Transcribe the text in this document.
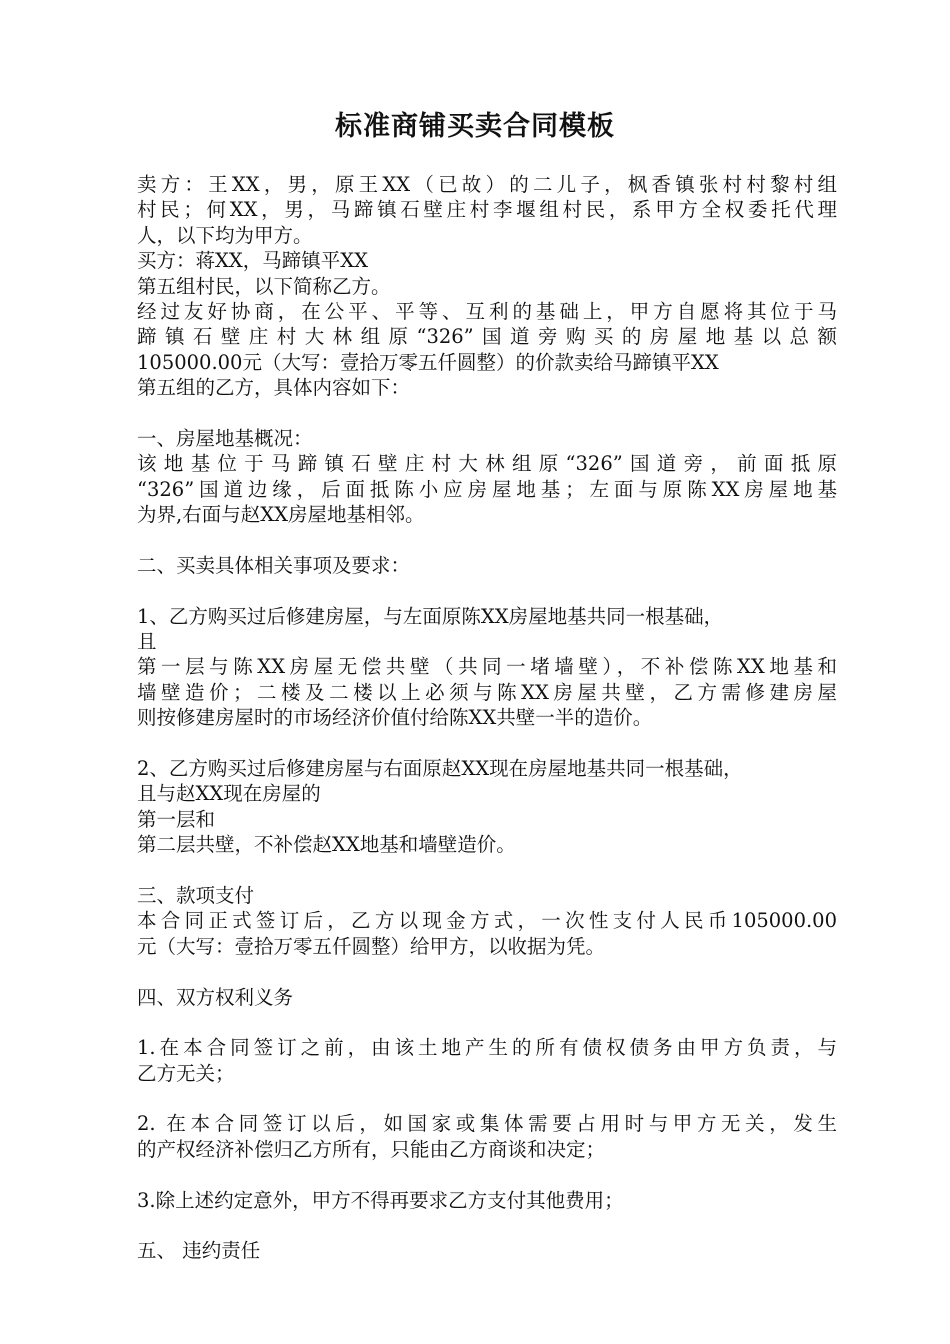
标准商铺买卖合同模板
卖方：王XX，男，原王XX（已故）的二儿子，枫香镇张村村黎村组
村民；何XX，男，马蹄镇石壁庄村李堰组村民，系甲方全权委托代理
人，以下均为甲方。
买方：蒋XX，马蹄镇平XX
第五组村民，以下简称乙方。
经过友好协商，在公平、平等、互利的基础上，甲方自愿将其位于马
蹄镇石壁庄村大林组原“326”国道旁购买的房屋地基以总额
105000.00元（大写：壹拾万零五仟圆整）的价款卖给马蹄镇平XX
第五组的乙方，具体内容如下：
一、房屋地基概况：
该地基位于马蹄镇石壁庄村大林组原“326”国道旁，前面抵原
“326”国道边缘，后面抵陈小应房屋地基；左面与原陈XX房屋地基
为界,右面与赵XX房屋地基相邻。
二、买卖具体相关事项及要求：
1、乙方购买过后修建房屋，与左面原陈XX房屋地基共同一根基础，
且
第一层与陈XX房屋无偿共壁（共同一堵墙壁），不补偿陈XX地基和
墙壁造价；二楼及二楼以上必须与陈XX房屋共壁，乙方需修建房屋
则按修建房屋时的市场经济价值付给陈XX共壁一半的造价。
2、乙方购买过后修建房屋与右面原赵XX现在房屋地基共同一根基础，
且与赵XX现在房屋的
第一层和
第二层共壁，不补偿赵XX地基和墙壁造价。
三、款项支付
本合同正式签订后，乙方以现金方式，一次性支付人民币105000.00
元（大写：壹拾万零五仟圆整）给甲方，以收据为凭。
四、双方权利义务
1.在本合同签订之前，由该土地产生的所有债权债务由甲方负责，与
乙方无关；
2. 在本合同签订以后，如国家或集体需要占用时与甲方无关，发生
的产权经济补偿归乙方所有，只能由乙方商谈和决定；
3.除上述约定意外，甲方不得再要求乙方支付其他费用；
五、 违约责任
